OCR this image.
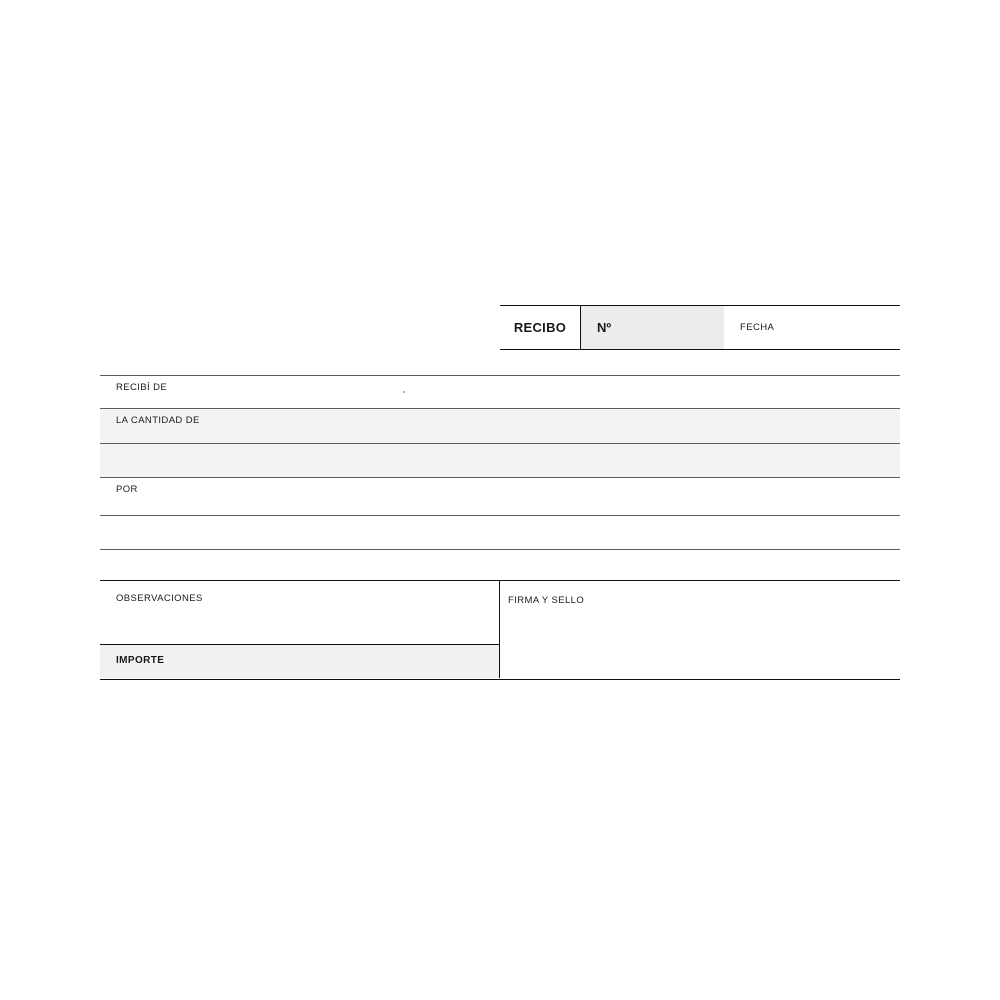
RECIBO Nº	FECHA
RECIBÍ DE
LA CANTIDAD DE
POR
OBSERVACIONES
IMPORTE
FIRMA Y SELLO
